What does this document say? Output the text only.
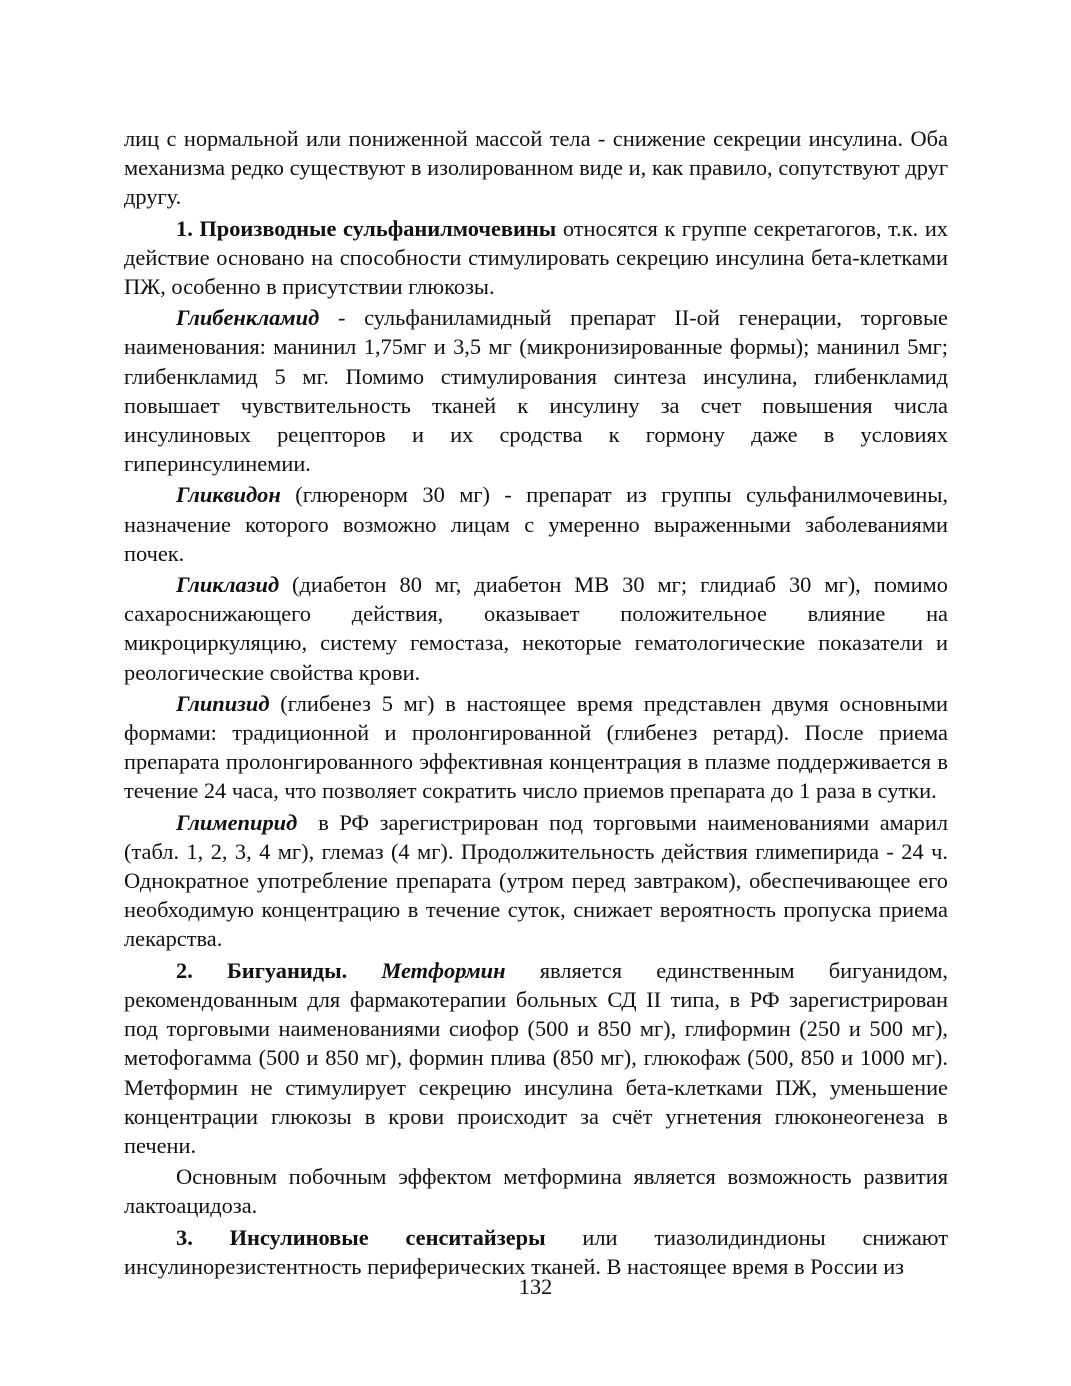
лиц с нормальной или пониженной массой тела - снижение секреции инсулина. Оба механизма редко существуют в изолированном виде и, как правило, сопутствуют друг другу.

1. Производные сульфанилмочевины относятся к группе секретагогов, т.к. их действие основано на способности стимулировать секрецию инсулина бета-клетками ПЖ, особенно в присутствии глюкозы.

Глибенкламид - сульфаниламидный препарат II-ой генерации, торговые наименования: манинил 1,75мг и 3,5 мг (микронизированные формы); манинил 5мг; глибенкламид 5 мг. Помимо стимулирования синтеза инсулина, глибенкламид повышает чувствительность тканей к инсулину за счет повышения числа инсулиновых рецепторов и их сродства к гормону даже в условиях гиперинсулинемии.

Гликвидон (глюренорм 30 мг) - препарат из группы сульфанилмочевины, назначение которого возможно лицам с умеренно выраженными заболеваниями почек.

Гликлазид (диабетон 80 мг, диабетон МВ 30 мг; глидиаб 30 мг), помимо сахароснижающего действия, оказывает положительное влияние на микроциркуляцию, систему гемостаза, некоторые гематологические показатели и реологические свойства крови.

Глипизид (глибенез 5 мг) в настоящее время представлен двумя основными формами: традиционной и пролонгированной (глибенез ретард). После приема препарата пролонгированного эффективная концентрация в плазме поддерживается в течение 24 часа, что позволяет сократить число приемов препарата до 1 раза в сутки.

Глимепирид  в РФ зарегистрирован под торговыми наименованиями амарил (табл. 1, 2, 3, 4 мг), глемаз (4 мг). Продолжительность действия глимепирида - 24 ч. Однократное употребление препарата (утром перед завтраком), обеспечивающее его необходимую концентрацию в течение суток, снижает вероятность пропуска приема лекарства.

2. Бигуаниды. Метформин является единственным бигуанидом, рекомендованным для фармакотерапии больных СД II типа, в РФ зарегистрирован под торговыми наименованиями сиофор (500 и 850 мг), глиформин (250 и 500 мг), метофогамма (500 и 850 мг), формин плива (850 мг), глюкофаж (500, 850 и 1000 мг). Метформин не стимулирует секрецию инсулина бета-клетками ПЖ, уменьшение концентрации глюкозы в крови происходит за счёт угнетения глюконеогенеза в печени.

Основным побочным эффектом метформина является возможность развития лактоацидоза.

3. Инсулиновые сенситайзеры или тиазолидиндионы снижают инсулинорезистентность периферических тканей. В настоящее время в России из

132
